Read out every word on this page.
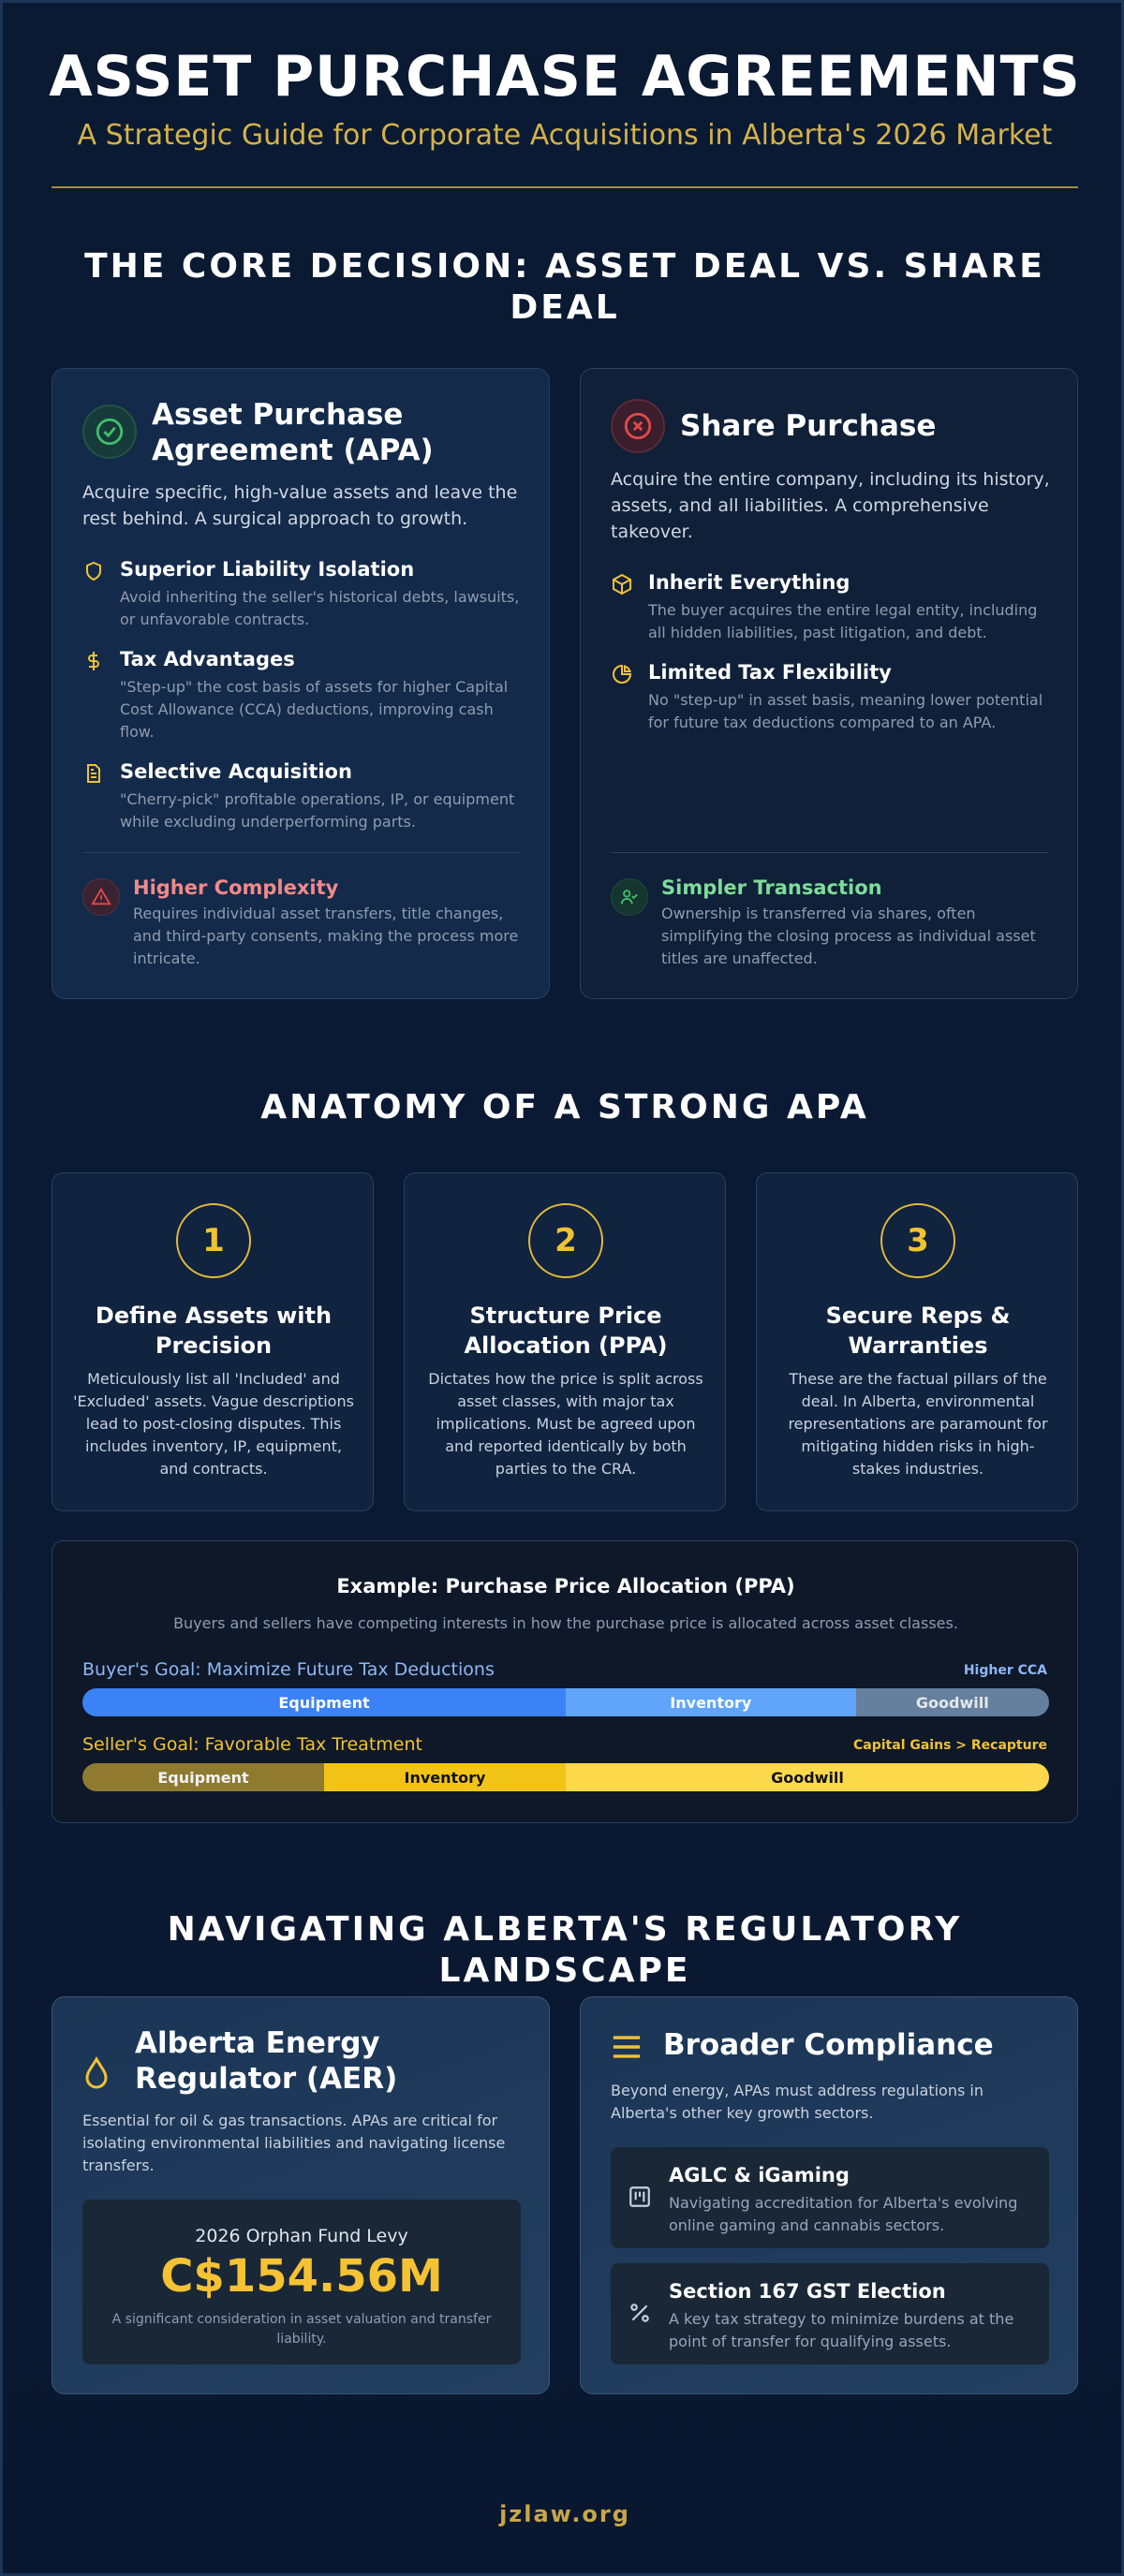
ASSET PURCHASE AGREEMENTS
A Strategic Guide for Corporate Acquisitions in Alberta's 2026 Market
THE CORE DECISION: ASSET DEAL VS. SHARE DEAL
Asset Purchase
Agreement (APA)
Acquire specific, high-value assets and leave the rest behind. A surgical approach to growth.
Superior Liability Isolation
Avoid inheriting the seller's historical debts, lawsuits, or unfavorable contracts.
Tax Advantages
"Step-up" the cost basis of assets for higher Capital Cost Allowance (CCA) deductions, improving cash flow.
Selective Acquisition
"Cherry-pick" profitable operations, IP, or equipment while excluding underperforming parts.
Higher Complexity
Requires individual asset transfers, title changes, and third-party consents, making the process more intricate.
Share Purchase
Acquire the entire company, including its history, assets, and all liabilities. A comprehensive takeover.
Inherit Everything
The buyer acquires the entire legal entity, including all hidden liabilities, past litigation, and debt.
Limited Tax Flexibility
No "step-up" in asset basis, meaning lower potential for future tax deductions compared to an APA.
Simpler Transaction
Ownership is transferred via shares, often simplifying the closing process as individual asset titles are unaffected.
ANATOMY OF A STRONG APA
1
Define Assets with Precision
Meticulously list all 'Included' and 'Excluded' assets. Vague descriptions lead to post-closing disputes. This includes inventory, IP, equipment, and contracts.
2
Structure Price Allocation (PPA)
Dictates how the price is split across asset classes, with major tax implications. Must be agreed upon and reported identically by both parties to the CRA.
3
Secure Reps & Warranties
These are the factual pillars of the deal. In Alberta, environmental representations are paramount for mitigating hidden risks in high-stakes industries.
Example: Purchase Price Allocation (PPA)
Buyers and sellers have competing interests in how the purchase price is allocated across asset classes.
Buyer's Goal: Maximize Future Tax Deductions	Higher CCA
Equipment	Inventory	Goodwill
Seller's Goal: Favorable Tax Treatment	Capital Gains > Recapture
Equipment	Inventory	Goodwill
NAVIGATING ALBERTA'S REGULATORY LANDSCAPE
Alberta Energy
Regulator (AER)
Essential for oil & gas transactions. APAs are critical for isolating environmental liabilities and navigating license transfers.
2026 Orphan Fund Levy
C$154.56M
A significant consideration in asset valuation and transfer liability.
Broader Compliance
Beyond energy, APAs must address regulations in Alberta's other key growth sectors.
AGLC & iGaming
Navigating accreditation for Alberta's evolving online gaming and cannabis sectors.
Section 167 GST Election
A key tax strategy to minimize burdens at the point of transfer for qualifying assets.
jzlaw.org
